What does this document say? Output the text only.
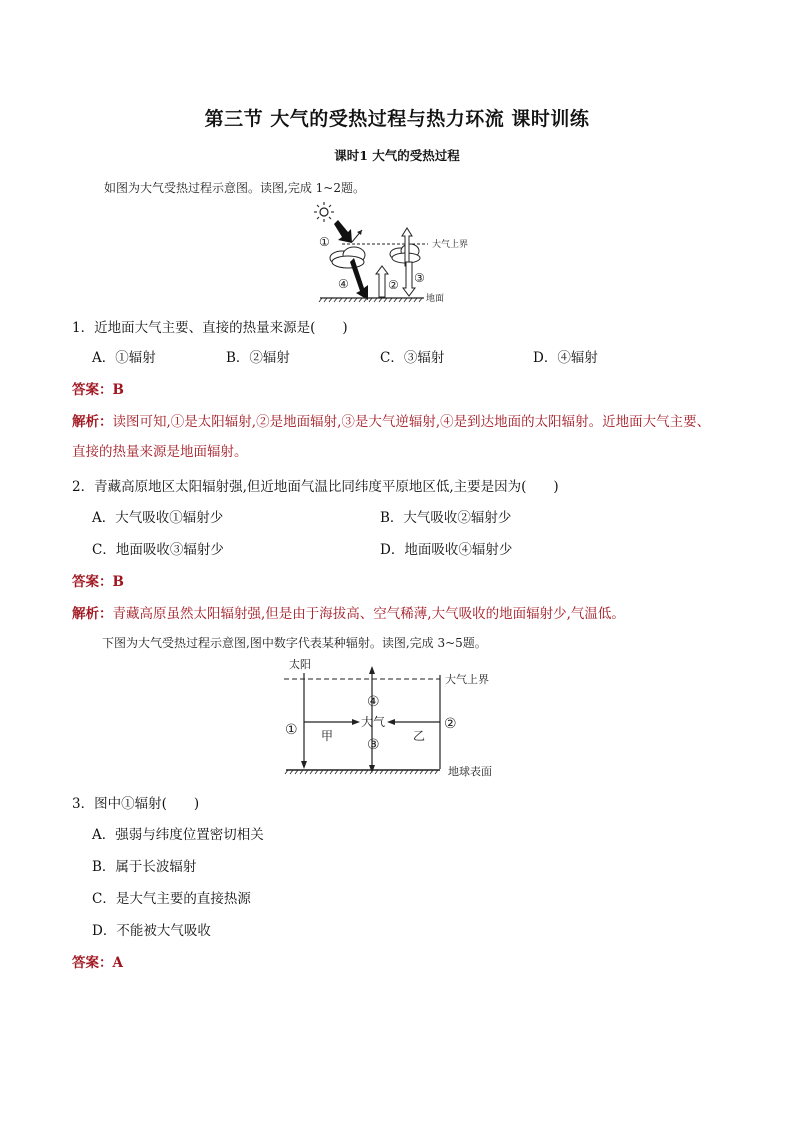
第三节 大气的受热过程与热力环流 课时训练
课时1 大气的受热过程
如图为大气受热过程示意图。读图,完成 1~2题。
大气上界
①
④	② ③
地面
1．近地面大气主要、直接的热量来源是(　　)
A．①辐射	B．②辐射	C．③辐射	D．④辐射
答案：B
解析：读图可知,①是太阳辐射,②是地面辐射,③是大气逆辐射,④是到达地面的太阳辐射。近地面大气主要、
直接的热量来源是地面辐射。
2．青藏高原地区太阳辐射强,但近地面气温比同纬度平原地区低,主要是因为(　　)
A．大气吸收①辐射少	B．大气吸收②辐射少
C．地面吸收③辐射少	D．地面吸收④辐射少
答案：B
解析：青藏高原虽然太阳辐射强,但是由于海拔高、空气稀薄,大气吸收的地面辐射少,气温低。
下图为大气受热过程示意图,图中数字代表某种辐射。读图,完成 3~5题。
太阳
大气上界
①	②
④
③
大气
甲	乙
地球表面
3．图中①辐射(　　)
A．强弱与纬度位置密切相关
B．属于长波辐射
C．是大气主要的直接热源
D．不能被大气吸收
答案：A
